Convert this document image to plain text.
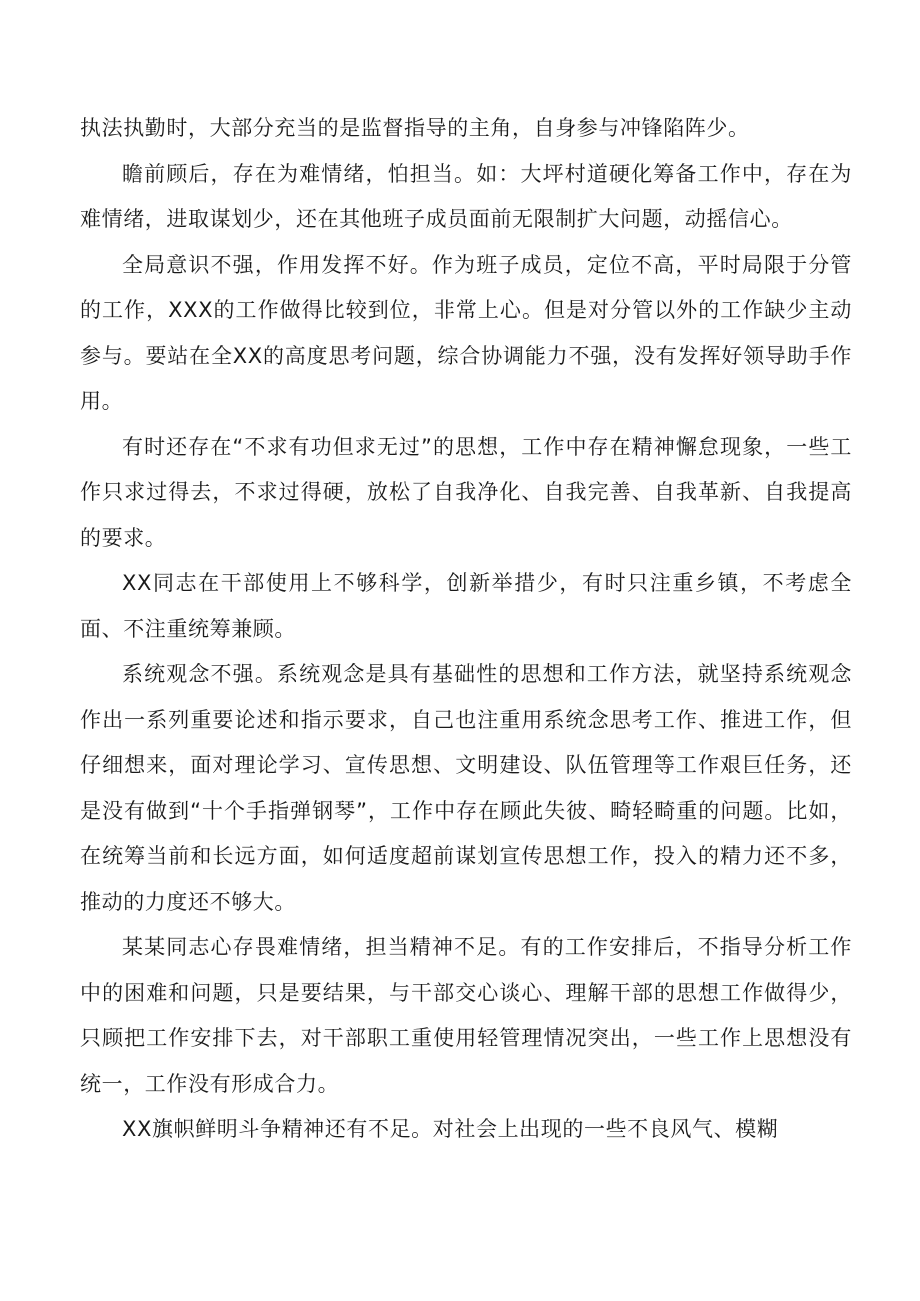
执法执勤时，大部分充当的是监督指导的主角，自身参与冲锋陷阵少。

瞻前顾后，存在为难情绪，怕担当。如：大坪村道硬化筹备工作中，存在为难情绪，进取谋划少，还在其他班子成员面前无限制扩大问题，动摇信心。

全局意识不强，作用发挥不好。作为班子成员，定位不高，平时局限于分管的工作，XXX的工作做得比较到位，非常上心。但是对分管以外的工作缺少主动参与。要站在全XX的高度思考问题，综合协调能力不强，没有发挥好领导助手作用。

有时还存在“不求有功但求无过”的思想，工作中存在精神懈怠现象，一些工作只求过得去，不求过得硬，放松了自我净化、自我完善、自我革新、自我提高的要求。

XX同志在干部使用上不够科学，创新举措少，有时只注重乡镇，不考虑全面、不注重统筹兼顾。

系统观念不强。系统观念是具有基础性的思想和工作方法，就坚持系统观念作出一系列重要论述和指示要求，自己也注重用系统念思考工作、推进工作，但仔细想来，面对理论学习、宣传思想、文明建设、队伍管理等工作艰巨任务，还是没有做到“十个手指弹钢琴”，工作中存在顾此失彼、畸轻畸重的问题。比如，在统筹当前和长远方面，如何适度超前谋划宣传思想工作，投入的精力还不多，推动的力度还不够大。

某某同志心存畏难情绪，担当精神不足。有的工作安排后，不指导分析工作中的困难和问题，只是要结果，与干部交心谈心、理解干部的思想工作做得少，只顾把工作安排下去，对干部职工重使用轻管理情况突出，一些工作上思想没有统一，工作没有形成合力。

XX旗帜鲜明斗争精神还有不足。对社会上出现的一些不良风气、模糊
